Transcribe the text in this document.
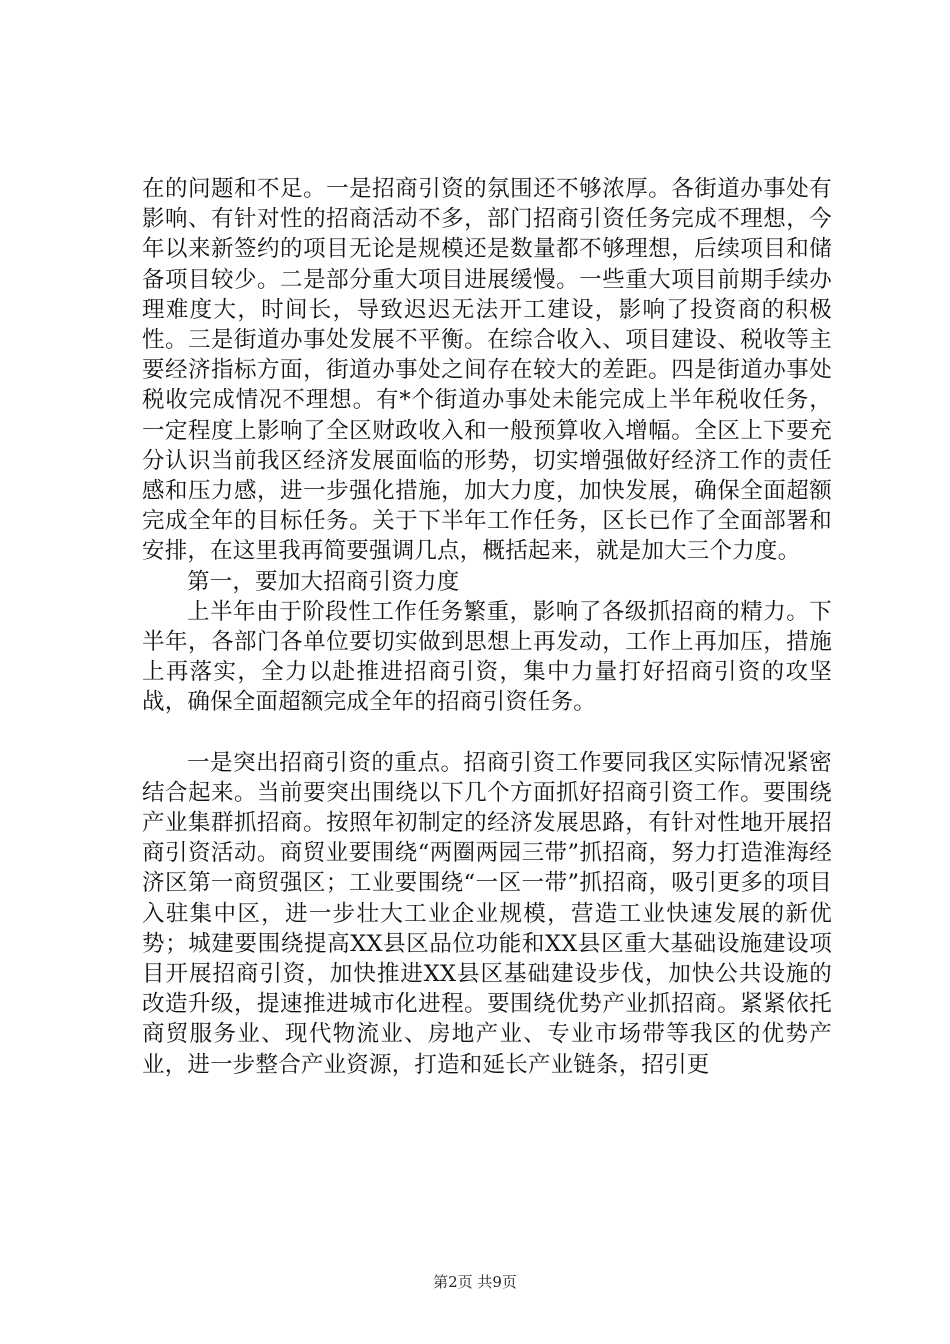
在的问题和不足。一是招商引资的氛围还不够浓厚。各街道办事处有影响、有针对性的招商活动不多，部门招商引资任务完成不理想，今年以来新签约的项目无论是规模还是数量都不够理想，后续项目和储备项目较少。二是部分重大项目进展缓慢。一些重大项目前期手续办理难度大，时间长，导致迟迟无法开工建设，影响了投资商的积极性。三是街道办事处发展不平衡。在综合收入、项目建设、税收等主要经济指标方面，街道办事处之间存在较大的差距。四是街道办事处税收完成情况不理想。有*个街道办事处未能完成上半年税收任务，一定程度上影响了全区财政收入和一般预算收入增幅。全区上下要充分认识当前我区经济发展面临的形势，切实增强做好经济工作的责任感和压力感，进一步强化措施，加大力度，加快发展，确保全面超额完成全年的目标任务。关于下半年工作任务，区长已作了全面部署和安排，在这里我再简要强调几点，概括起来，就是加大三个力度。

第一，要加大招商引资力度

上半年由于阶段性工作任务繁重，影响了各级抓招商的精力。下半年，各部门各单位要切实做到思想上再发动，工作上再加压，措施上再落实，全力以赴推进招商引资，集中力量打好招商引资的攻坚战，确保全面超额完成全年的招商引资任务。

一是突出招商引资的重点。招商引资工作要同我区实际情况紧密结合起来。当前要突出围绕以下几个方面抓好招商引资工作。要围绕产业集群抓招商。按照年初制定的经济发展思路，有针对性地开展招商引资活动。商贸业要围绕“两圈两园三带”抓招商，努力打造淮海经济区第一商贸强区；工业要围绕“一区一带”抓招商，吸引更多的项目入驻集中区，进一步壮大工业企业规模，营造工业快速发展的新优势；城建要围绕提高XX县区品位功能和XX县区重大基础设施建设项目开展招商引资，加快推进XX县区基础建设步伐，加快公共设施的改造升级，提速推进城市化进程。要围绕优势产业抓招商。紧紧依托商贸服务业、现代物流业、房地产业、专业市场带等我区的优势产业，进一步整合产业资源，打造和延长产业链条，招引更

第2页 共9页
